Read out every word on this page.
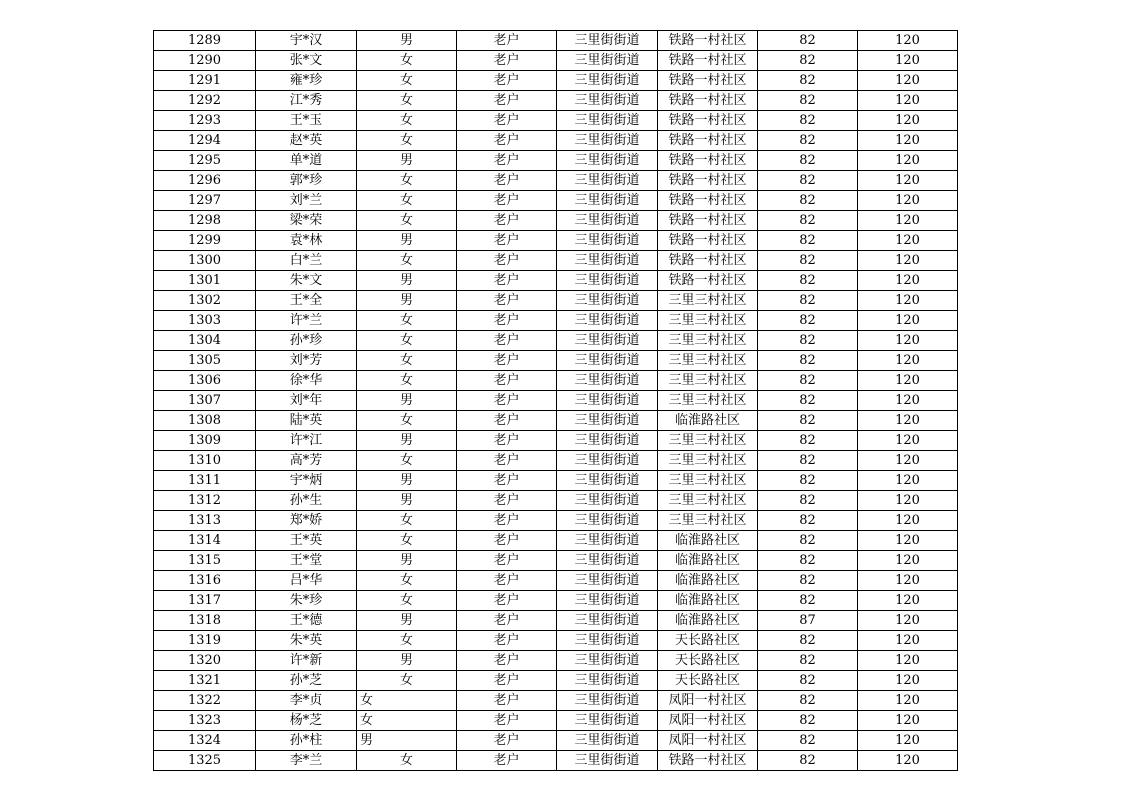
1289	宇*汉	男	老户	三里街街道	铁路一村社区	82	120
1290	张*文	女	老户	三里街街道	铁路一村社区	82	120
1291	雍*珍	女	老户	三里街街道	铁路一村社区	82	120
1292	江*秀	女	老户	三里街街道	铁路一村社区	82	120
1293	王*玉	女	老户	三里街街道	铁路一村社区	82	120
1294	赵*英	女	老户	三里街街道	铁路一村社区	82	120
1295	单*道	男	老户	三里街街道	铁路一村社区	82	120
1296	郭*珍	女	老户	三里街街道	铁路一村社区	82	120
1297	刘*兰	女	老户	三里街街道	铁路一村社区	82	120
1298	梁*荣	女	老户	三里街街道	铁路一村社区	82	120
1299	袁*林	男	老户	三里街街道	铁路一村社区	82	120
1300	白*兰	女	老户	三里街街道	铁路一村社区	82	120
1301	朱*文	男	老户	三里街街道	铁路一村社区	82	120
1302	王*全	男	老户	三里街街道	三里三村社区	82	120
1303	许*兰	女	老户	三里街街道	三里三村社区	82	120
1304	孙*珍	女	老户	三里街街道	三里三村社区	82	120
1305	刘*芳	女	老户	三里街街道	三里三村社区	82	120
1306	徐*华	女	老户	三里街街道	三里三村社区	82	120
1307	刘*年	男	老户	三里街街道	三里三村社区	82	120
1308	陆*英	女	老户	三里街街道	临淮路社区	82	120
1309	许*江	男	老户	三里街街道	三里三村社区	82	120
1310	高*芳	女	老户	三里街街道	三里三村社区	82	120
1311	宇*炳	男	老户	三里街街道	三里三村社区	82	120
1312	孙*生	男	老户	三里街街道	三里三村社区	82	120
1313	郑*娇	女	老户	三里街街道	三里三村社区	82	120
1314	王*英	女	老户	三里街街道	临淮路社区	82	120
1315	王*堂	男	老户	三里街街道	临淮路社区	82	120
1316	吕*华	女	老户	三里街街道	临淮路社区	82	120
1317	朱*珍	女	老户	三里街街道	临淮路社区	82	120
1318	王*德	男	老户	三里街街道	临淮路社区	87	120
1319	朱*英	女	老户	三里街街道	天长路社区	82	120
1320	许*新	男	老户	三里街街道	天长路社区	82	120
1321	孙*芝	女	老户	三里街街道	天长路社区	82	120
1322	李*贞	女	老户	三里街街道	凤阳一村社区	82	120
1323	杨*芝	女	老户	三里街街道	凤阳一村社区	82	120
1324	孙*柱	男	老户	三里街街道	凤阳一村社区	82	120
1325	李*兰	女	老户	三里街街道	铁路一村社区	82	120
